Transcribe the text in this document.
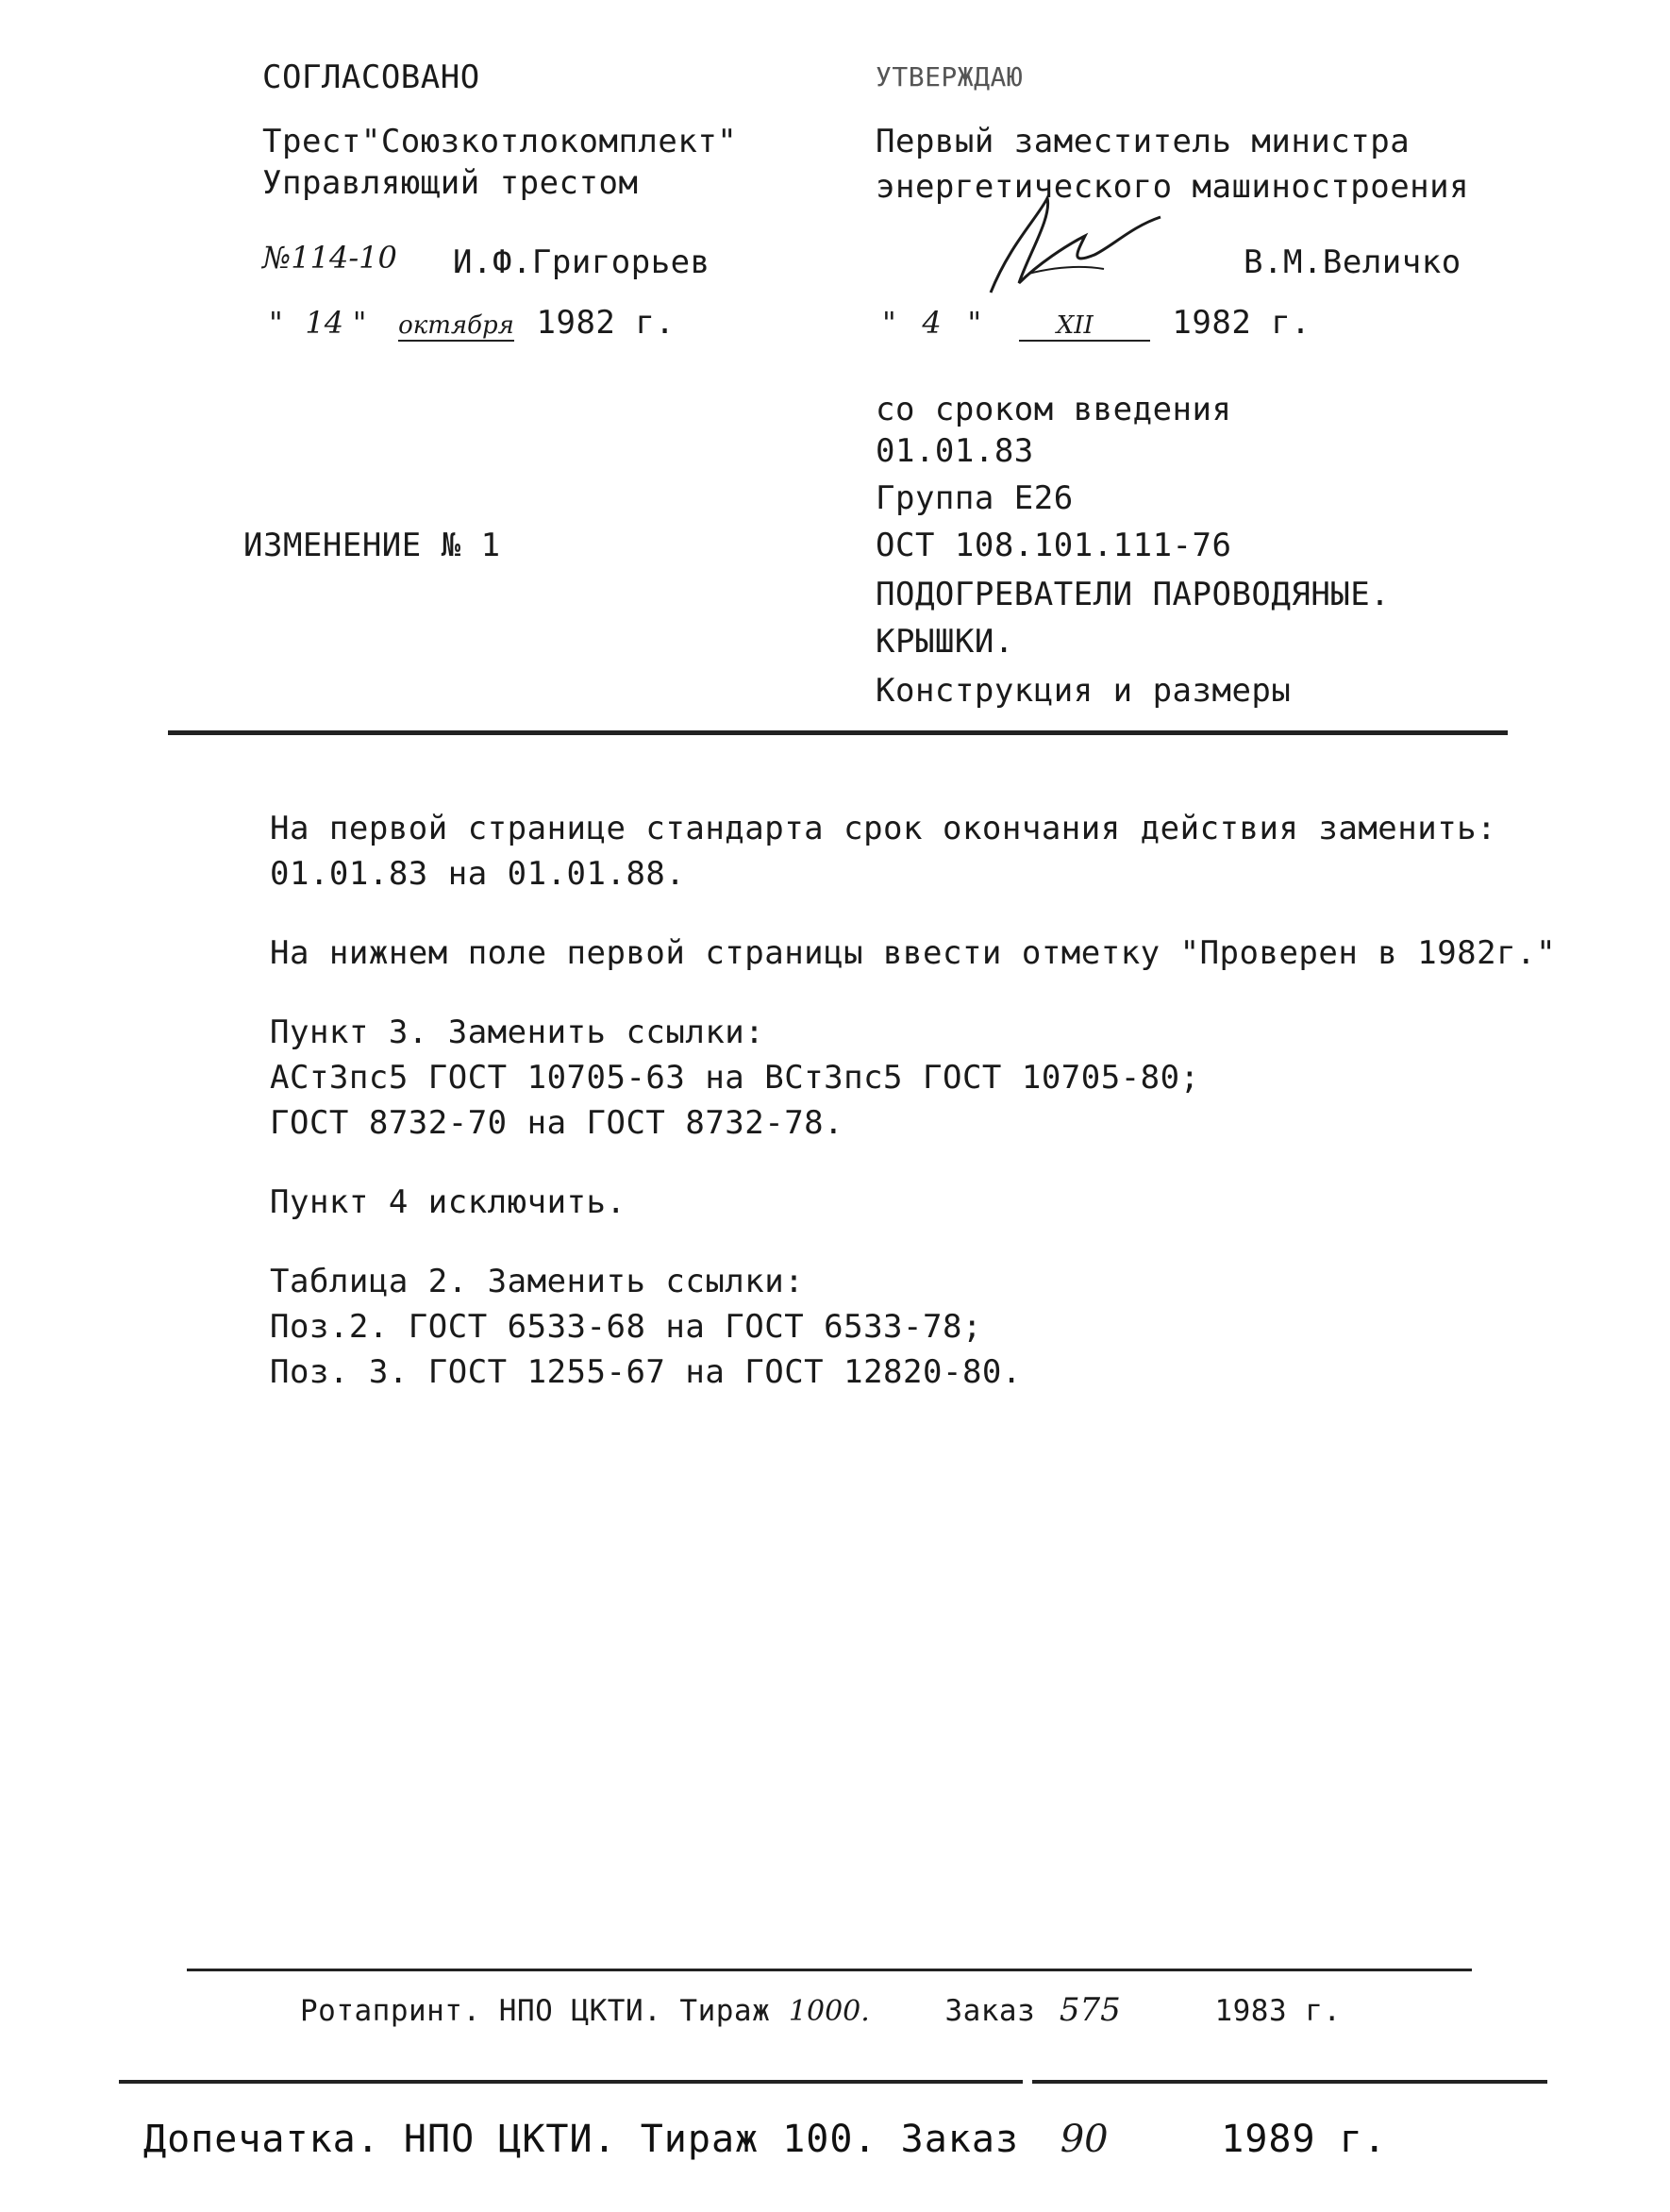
СОГЛАСОВАНО
Трест"Союзкотлокомплект"
Управляющий трестом
№114-10 И.Ф.Григорьев
" 14 " октября 1982 г.
УТВЕРЖДАЮ
Первый заместитель министра
энергетического машиностроения
В.М.Величко
" 4 "	XII 1982 г.
со сроком введения
01.01.83
Группа Е26
ИЗМЕНЕНИЕ № 1	ОСТ 108.101.111-76
ПОДОГРЕВАТЕЛИ ПАРОВОДЯНЫЕ.
КРЫШКИ.
Конструкция и размеры
На первой странице стандарта срок окончания действия заменить:
01.01.83 на 01.01.88.
На нижнем поле первой страницы ввести отметку "Проверен в 1982г."
Пункт 3. Заменить ссылки:
АСт3пс5 ГОСТ 10705-63 на ВСт3пс5 ГОСТ 10705-80;
ГОСТ 8732-70 на ГОСТ 8732-78.
Пункт 4 исключить.
Таблица 2. Заменить ссылки:
Поз.2. ГОСТ 6533-68 на ГОСТ 6533-78;
Поз. 3. ГОСТ 1255-67 на ГОСТ 12820-80.
Ротапринт. НПО ЦКТИ. Тираж 1000.	Заказ 575	1983 г.
Допечатка. НПО ЦКТИ. Тираж 100. Заказ 90	1989 г.
